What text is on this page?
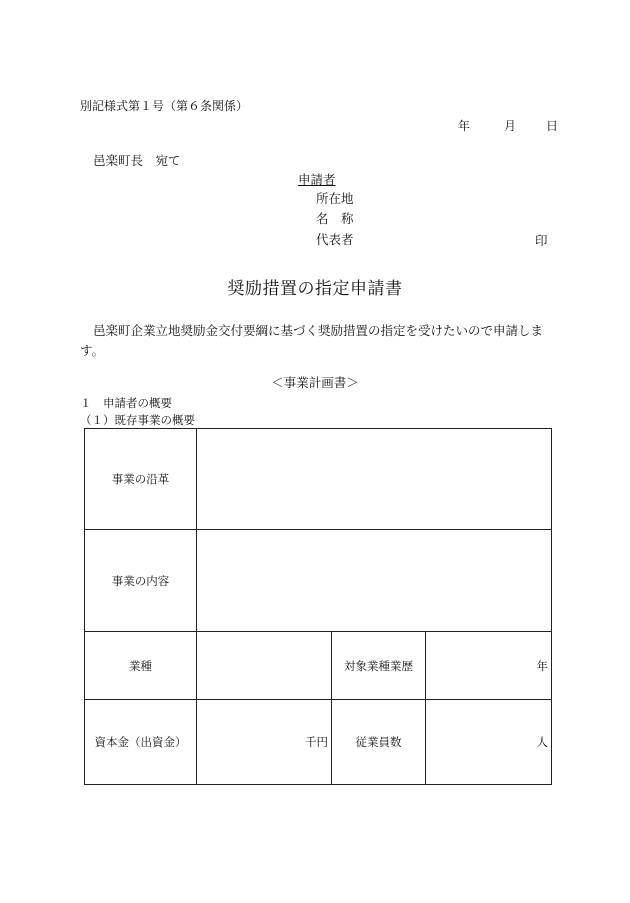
別記様式第１号（第６条関係）
年	月	日
邑楽町長　宛て
申請者
所在地
名　称
代表者	印
奨励措置の指定申請書
邑楽町企業立地奨励金交付要綱に基づく奨励措置の指定を受けたいので申請します。
＜事業計画書＞
１　申請者の概要
（１）既存事業の概要
事業の沿革			
事業の内容			
業種		対象業種業歴	年
資本金（出資金）	千円	従業員数	人
